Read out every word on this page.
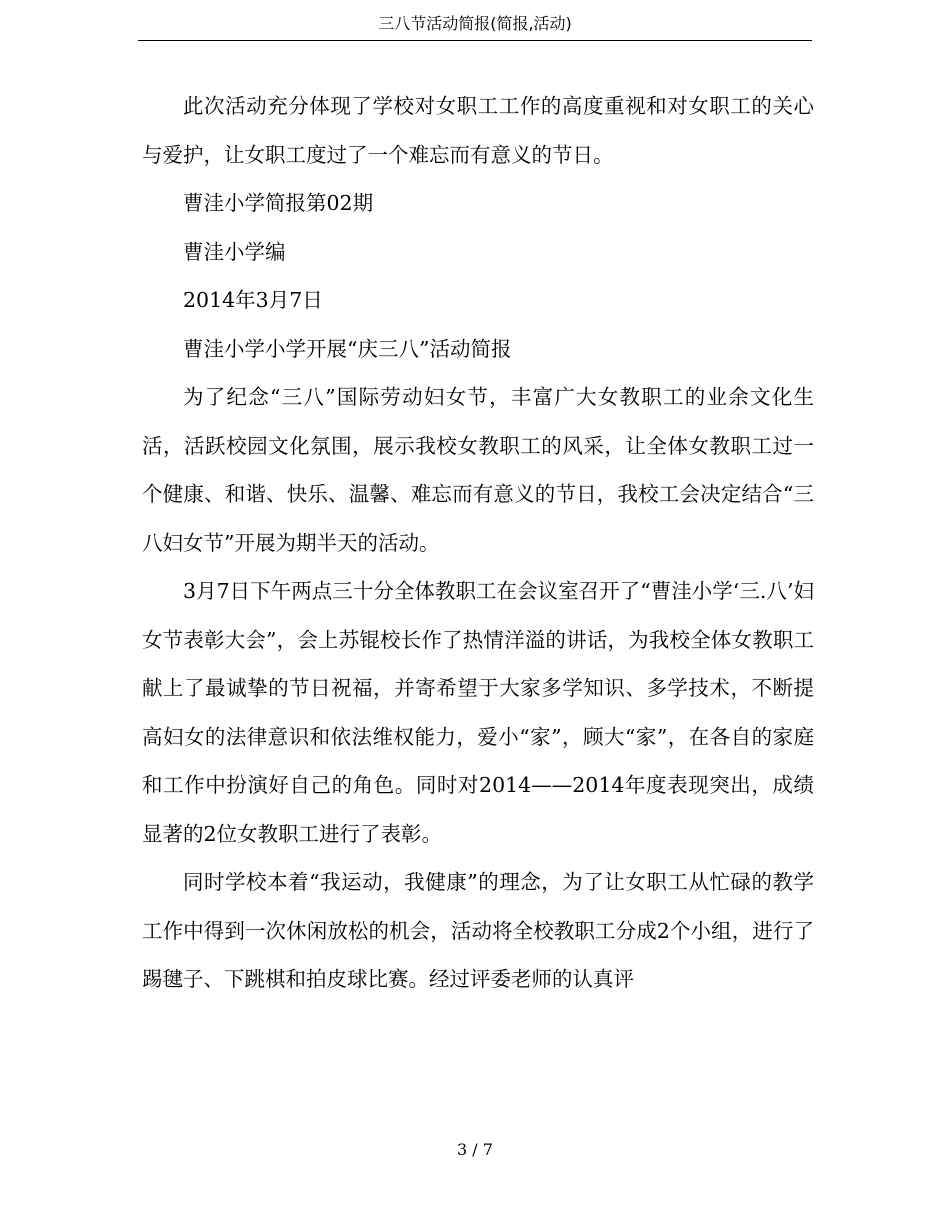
三八节活动简报(简报,活动)

此次活动充分体现了学校对女职工工作的高度重视和对女职工的关心与爱护，让女职工度过了一个难忘而有意义的节日。

曹洼小学简报第02期

曹洼小学编

2014年3月7日

曹洼小学小学开展“庆三八”活动简报

为了纪念“三八”国际劳动妇女节，丰富广大女教职工的业余文化生活，活跃校园文化氛围，展示我校女教职工的风采，让全体女教职工过一个健康、和谐、快乐、温馨、难忘而有意义的节日，我校工会决定结合“三八妇女节”开展为期半天的活动。

3月7日下午两点三十分全体教职工在会议室召开了“曹洼小学‘三.八’妇女节表彰大会”，会上苏锟校长作了热情洋溢的讲话，为我校全体女教职工献上了最诚挚的节日祝福，并寄希望于大家多学知识、多学技术，不断提高妇女的法律意识和依法维权能力，爱小“家”，顾大“家”，在各自的家庭和工作中扮演好自己的角色。同时对2014——2014年度表现突出，成绩显著的2位女教职工进行了表彰。

同时学校本着“我运动，我健康”的理念，为了让女职工从忙碌的教学工作中得到一次休闲放松的机会，活动将全校教职工分成2个小组，进行了踢毽子、下跳棋和拍皮球比赛。经过评委老师的认真评

3 / 7
